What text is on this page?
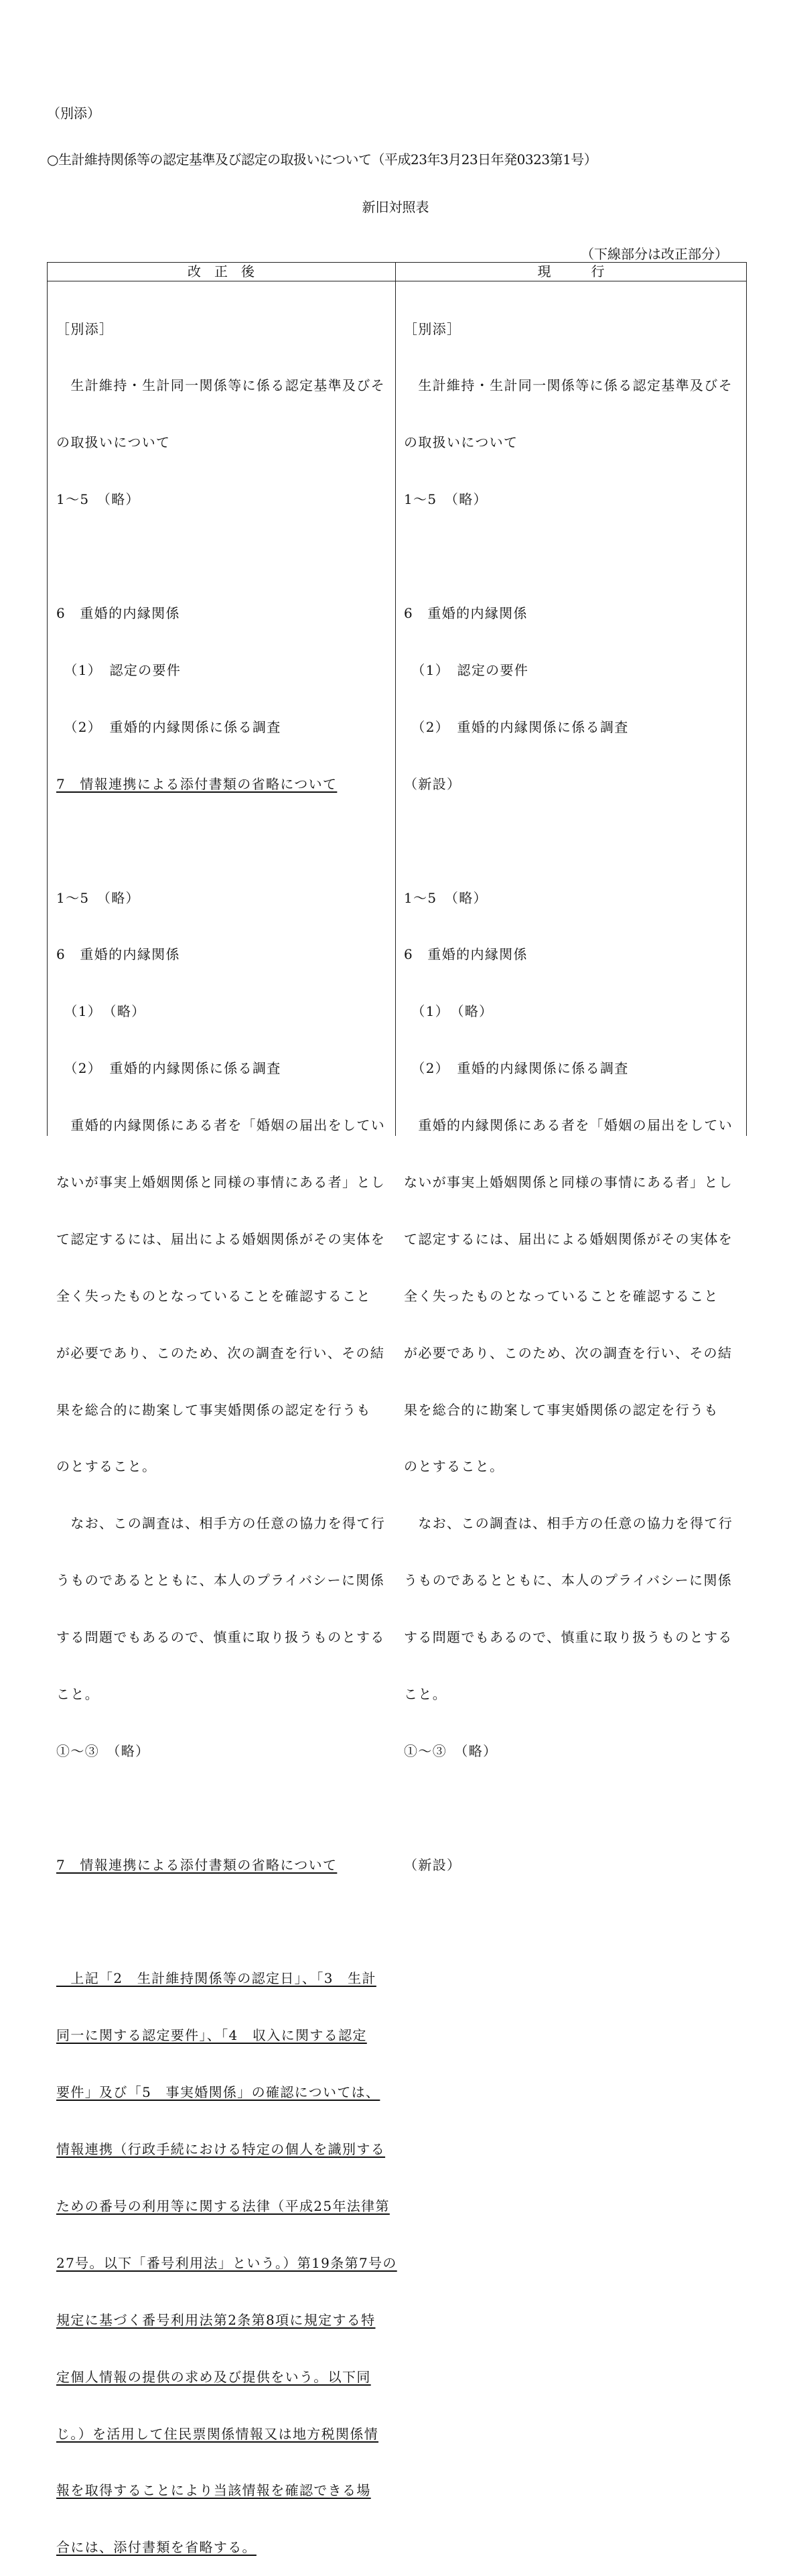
（別添）
○生計維持関係等の認定基準及び認定の取扱いについて（平成23年3月23日年発0323第1号）
新旧対照表
（下線部分は改正部分）
改　正　後	現　　　行

［別添］

　生計維持・生計同一関係等に係る認定基準及びそ

の取扱いについて

1～5　（略）

6　重婚的内縁関係

　（1）　認定の要件

　（2）　重婚的内縁関係に係る調査

7　情報連携による添付書類の省略について

1～5　（略）

6　重婚的内縁関係

　（1）　（略）

　（2）　重婚的内縁関係に係る調査

　重婚的内縁関係にある者を「婚姻の届出をしてい

ないが事実上婚姻関係と同様の事情にある者」とし

て認定するには、届出による婚姻関係がその実体を

全く失ったものとなっていることを確認すること

が必要であり、このため、次の調査を行い、その結

果を総合的に勘案して事実婚関係の認定を行うも

のとすること。

　なお、この調査は、相手方の任意の協力を得て行

うものであるとともに、本人のプライバシーに関係

する問題でもあるので、慎重に取り扱うものとする

こと。

①～③　（略）

7　情報連携による添付書類の省略について

　上記「2　生計維持関係等の認定日」、「3　生計

同一に関する認定要件」、「4　収入に関する認定

要件」及び「5　事実婚関係」の確認については、

情報連携（行政手続における特定の個人を識別する

ための番号の利用等に関する法律（平成25年法律第

27号。以下「番号利用法」という。）第19条第7号の

規定に基づく番号利用法第2条第8項に規定する特

定個人情報の提供の求め及び提供をいう。以下同

じ。）を活用して住民票関係情報又は地方税関係情

報を取得することにより当該情報を確認できる場

合には、添付書類を省略する。

［別添］

　生計維持・生計同一関係等に係る認定基準及びそ

の取扱いについて

1～5　（略）

6　重婚的内縁関係

　（1）　認定の要件

　（2）　重婚的内縁関係に係る調査

（新設）

1～5　（略）

6　重婚的内縁関係

　（1）　（略）

　（2）　重婚的内縁関係に係る調査

　重婚的内縁関係にある者を「婚姻の届出をしてい

ないが事実上婚姻関係と同様の事情にある者」とし

て認定するには、届出による婚姻関係がその実体を

全く失ったものとなっていることを確認すること

が必要であり、このため、次の調査を行い、その結

果を総合的に勘案して事実婚関係の認定を行うも

のとすること。

　なお、この調査は、相手方の任意の協力を得て行

うものであるとともに、本人のプライバシーに関係

する問題でもあるので、慎重に取り扱うものとする

こと。

①～③　（略）

（新設）
